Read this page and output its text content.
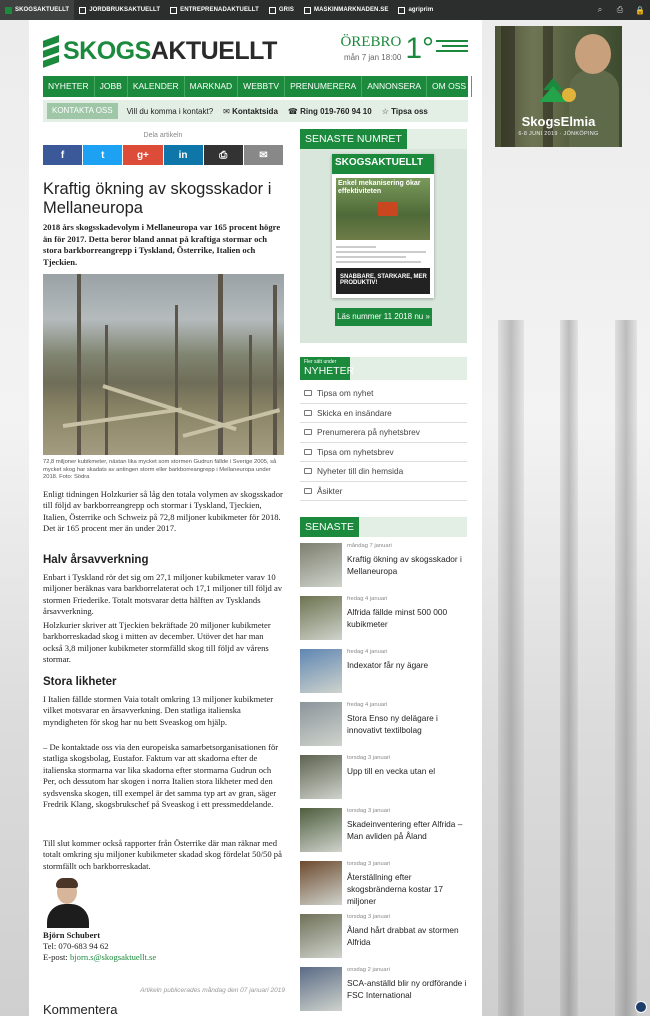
SKOGSAKTUELLT	JORDBRUKSAKTUELLT	ENTREPRENADAKTUELLT	GRIS	MASKINMARKNADEN.SE	agriprim	⌕	⎙	🔒
SKOGSAKTUELLT	ÖREBRO
mån 7 jan 18:00 1°
NYHETER	JOBB	KALENDER	MARKNAD	WEBBTV	PRENUMERERA	ANNONSERA	OM OSS
KONTAKTA OSS	Vill du komma i kontakt? ✉ Kontaktsida ☎ Ring 019-760 94 10 ☆ Tipsa oss
Dela artikeln
f	t	g+	in	⎙	✉
Kraftig ökning av skogsskador i Mellaneuropa
2018 års skogsskadevolym i Mellaneuropa var 165 procent högre än för 2017. Detta beror bland annat på kraftiga stormar och stora barkborreangrepp i Tyskland, Österrike, Italien och Tjeckien.
72,8 miljoner kubikmeter, nästan lika mycket som stormen Gudrun fällde i Sverige 2005, så mycket skog har skadats av antingen storm eller barkborreangrepp i Mellaneuropa under 2018. Foto: Södra

Enligt tidningen Holzkurier så låg den totala volymen av skogsskador till följd av barkborreangrepp och stormar i Tyskland, Tjeckien, Italien, Österrike och Schweiz på 72,8 miljoner kubikmeter för 2018. Det är 165 procent mer än under 2017.

Halv årsavverkning

Enbart i Tyskland rör det sig om 27,1 miljoner kubikmeter varav 10 miljoner beräknas vara barkborrelaterat och 17,1 miljoner till följd av stormen Friederike. Totalt motsvarar detta hälften av Tysklands årsavverkning.

Holzkurier skriver att Tjeckien bekräftade 20 miljoner kubikmeter barkborreskadad skog i mitten av december. Utöver det har man också 3,8 miljoner kubikmeter stormfälld skog till följd av vårens stormar.

Stora likheter

I Italien fällde stormen Vaia totalt omkring 13 miljoner kubikmeter vilket motsvarar en årsavverkning. Den statliga italienska myndigheten för skog har nu bett Sveaskog om hjälp.

– De kontaktade oss via den europeiska samarbetsorganisationen för statliga skogsbolag, Eustafor. Faktum var att skadorna efter de italienska stormarna var lika skadorna efter stormarna Gudrun och Per, och dessutom har skogen i norra Italien stora likheter med den sydsvenska skogen, till exempel är det samma typ art av gran, säger Fredrik Klang, skogsbrukschef på Sveaskog i ett pressmeddelande.

Till slut kommer också rapporter från Österrike där man räknar med totalt omkring sju miljoner kubikmeter skadad skog fördelat 50/50 på stormfällt och barkborreskadat.

Björn Schubert
Tel: 070-683 94 62
E-post: bjorn.s@skogsaktuellt.se
Artikeln publicerades måndag den 07 januari 2019
Kommentera
SENASTE NUMRET
SKOGSAKTUELLT
Enkel mekanisering ökar effektiviteten
SNABBARE, STARKARE, MER PRODUKTIV!
Läs nummer 11 2018 nu »
Fler sätt under
NYHETER
Tipsa om nyhet
Skicka en insändare
Prenumerera på nyhetsbrev
Tipsa om nyhetsbrev
Nyheter till din hemsida
Åsikter
SENASTE
måndag 7 januari
Kraftig ökning av skogsskador i Mellaneuropa
fredag 4 januari
Alfrida fällde minst 500 000 kubikmeter
fredag 4 januari
Indexator får ny ägare
fredag 4 januari
Stora Enso ny delägare i innovativt textilbolag
torsdag 3 januari
Upp till en vecka utan el
torsdag 3 januari
Skadeinventering efter Alfrida – Man avliden på Åland
torsdag 3 januari
Återställning efter skogsbränderna kostar 17 miljoner
torsdag 3 januari
Åland hårt drabbat av stormen Alfrida
onsdag 2 januari
SCA-anställd blir ny ordförande i FSC International
SkogsElmia
6-8 JUNI 2019 · JÖNKÖPING
